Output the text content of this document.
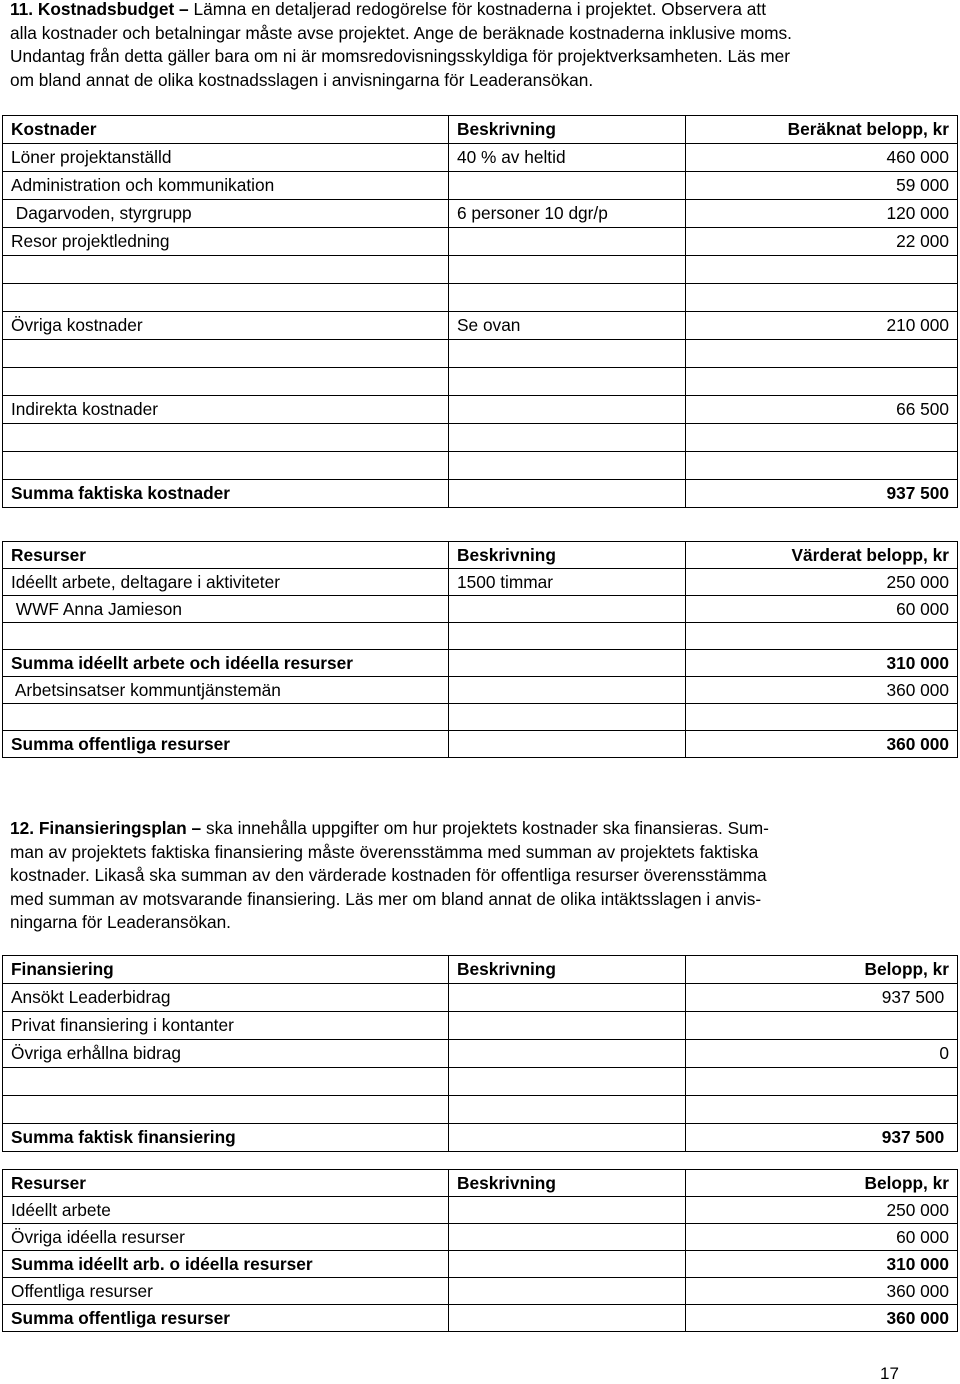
11. Kostnadsbudget – Lämna en detaljerad redogörelse för kostnaderna i projektet. Observera att
alla kostnader och betalningar måste avse projektet. Ange de beräknade kostnaderna inklusive moms.
Undantag från detta gäller bara om ni är momsredovisningsskyldiga för projektverksamheten. Läs mer
om bland annat de olika kostnadsslagen i anvisningarna för Leaderansökan.
Kostnader	Beskrivning	Beräknat belopp, kr
Löner projektanställd	40 % av heltid	460 000
Administration och kommunikation		59 000
Dagarvoden, styrgrupp	6 personer 10 dgr/p	120 000
Resor projektledning		22 000

Övriga kostnader	Se ovan	210 000

Indirekta kostnader		66 500

Summa faktiska kostnader		937 500
Resurser	Beskrivning	Värderat belopp, kr
Idéellt arbete, deltagare i aktiviteter	1500 timmar	250 000
WWF Anna Jamieson		60 000

Summa idéellt arbete och idéella resurser		310 000
Arbetsinsatser kommuntjänstemän		360 000

Summa offentliga resurser		360 000
12. Finansieringsplan – ska innehålla uppgifter om hur projektets kostnader ska finansieras. Sum-
man av projektets faktiska finansiering måste överensstämma med summan av projektets faktiska
kostnader. Likaså ska summan av den värderade kostnaden för offentliga resurser överensstämma
med summan av motsvarande finansiering. Läs mer om bland annat de olika intäktsslagen i anvis-
ningarna för Leaderansökan.
Finansiering	Beskrivning	Belopp, kr
Ansökt Leaderbidrag		937 500
Privat finansiering i kontanter		
Övriga erhållna bidrag		0

Summa faktisk finansiering		937 500
Resurser	Beskrivning	Belopp, kr
Idéellt arbete		250 000
Övriga idéella resurser		60 000
Summa idéellt arb. o idéella resurser		310 000
Offentliga resurser		360 000
Summa offentliga resurser		360 000
17
